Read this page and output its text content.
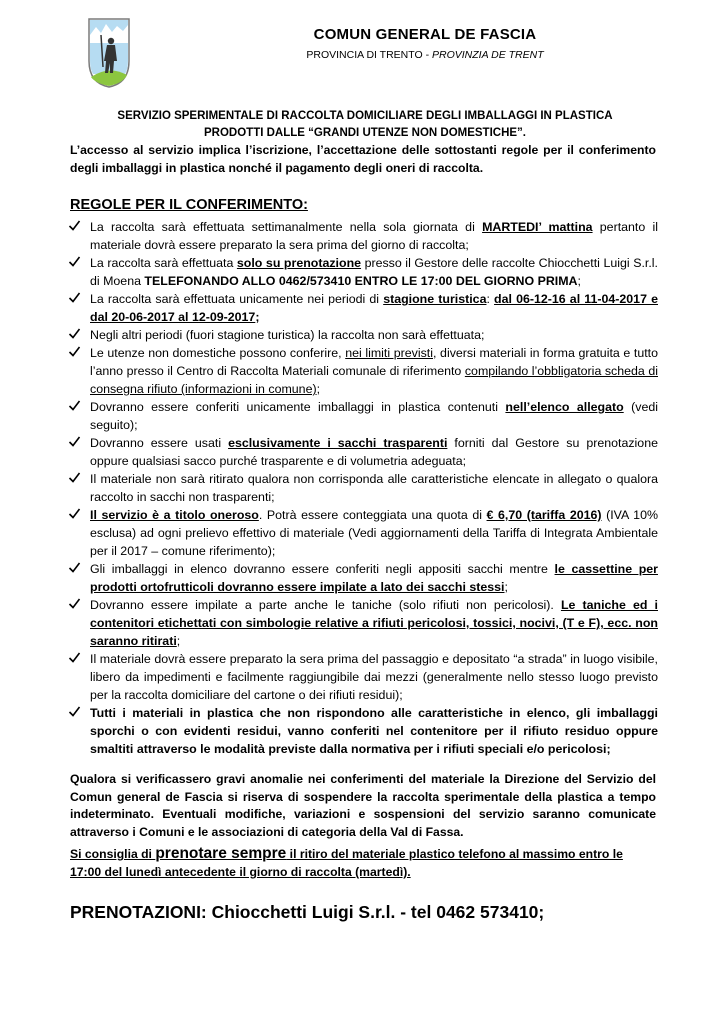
COMUN GENERAL DE FASCIA
PROVINCIA DI TRENTO - PROVINZIA DE TRENT
SERVIZIO SPERIMENTALE DI RACCOLTA DOMICILIARE DEGLI IMBALLAGGI IN PLASTICA
PRODOTTI DALLE “GRANDI UTENZE NON DOMESTICHE”.
L’accesso al servizio implica l’iscrizione, l’accettazione delle sottostanti regole per il conferimento degli imballaggi in plastica nonché il pagamento degli oneri di raccolta.
REGOLE PER IL CONFERIMENTO:
La raccolta sarà effettuata settimanalmente nella sola giornata di MARTEDI’ mattina pertanto il materiale dovrà essere preparato la sera prima del giorno di raccolta;
La raccolta sarà effettuata solo su prenotazione presso il Gestore delle raccolte Chiocchetti Luigi S.r.l. di Moena TELEFONANDO ALLO 0462/573410 ENTRO LE 17:00 DEL GIORNO PRIMA;
La raccolta sarà effettuata unicamente nei periodi di stagione turistica: dal 06-12-16 al 11-04-2017 e dal 20-06-2017 al 12-09-2017;
Negli altri periodi (fuori stagione turistica) la raccolta non sarà effettuata;
Le utenze non domestiche possono conferire, nei limiti previsti, diversi materiali in forma gratuita e tutto l’anno presso il Centro di Raccolta Materiali comunale di riferimento compilando l’obbligatoria scheda di consegna rifiuto (informazioni in comune);
Dovranno essere conferiti unicamente imballaggi in plastica contenuti nell’elenco allegato (vedi seguito);
Dovranno essere usati esclusivamente i sacchi trasparenti forniti dal Gestore su prenotazione oppure qualsiasi sacco purché trasparente e di volumetria adeguata;
Il materiale non sarà ritirato qualora non corrisponda alle caratteristiche elencate in allegato o qualora raccolto in sacchi non trasparenti;
Il servizio è a titolo oneroso. Potrà essere conteggiata una quota di € 6,70 (tariffa 2016) (IVA 10% esclusa) ad ogni prelievo effettivo di materiale (Vedi aggiornamenti della Tariffa di Integrata Ambientale per il 2017 – comune riferimento);
Gli imballaggi in elenco dovranno essere conferiti negli appositi sacchi mentre le cassettine per prodotti ortofrutticoli dovranno essere impilate a lato dei sacchi stessi;
Dovranno essere impilate a parte anche le taniche (solo rifiuti non pericolosi). Le taniche ed i contenitori etichettati con simbologie relative a rifiuti pericolosi, tossici, nocivi, (T e F), ecc. non saranno ritirati;
Il materiale dovrà essere preparato la sera prima del passaggio e depositato “a strada” in luogo visibile, libero da impedimenti e facilmente raggiungibile dai mezzi (generalmente nello stesso luogo previsto per la raccolta domiciliare del cartone o dei rifiuti residui);
Tutti i materiali in plastica che non rispondono alle caratteristiche in elenco, gli imballaggi sporchi o con evidenti residui, vanno conferiti nel contenitore per il rifiuto residuo oppure smaltiti attraverso le modalità previste dalla normativa per i rifiuti speciali e/o pericolosi;
Qualora si verificassero gravi anomalie nei conferimenti del materiale la Direzione del Servizio del Comun general de Fascia si riserva di sospendere la raccolta sperimentale della plastica a tempo indeterminato. Eventuali modifiche, variazioni e sospensioni del servizio saranno comunicate attraverso i Comuni e le associazioni di categoria della Val di Fassa.
Si consiglia di prenotare sempre il ritiro del materiale plastico telefono al massimo entro le 17:00 del lunedì antecedente il giorno di raccolta (martedì).
PRENOTAZIONI: Chiocchetti Luigi S.r.l. - tel 0462 573410;
